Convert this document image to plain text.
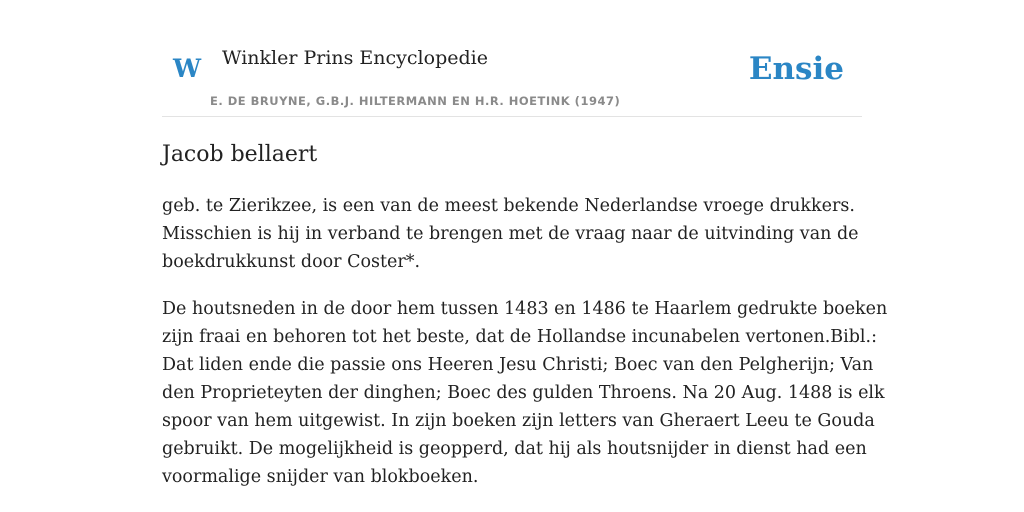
W Winkler Prins Encyclopedie	Ensie
E. DE BRUYNE, G.B.J. HILTERMANN EN H.R. HOETINK (1947)
Jacob bellaert

geb. te Zierikzee, is een van de meest bekende Nederlandse vroege drukkers.
Misschien is hij in verband te brengen met de vraag naar de uitvinding van de
boekdrukkunst door Coster*.

De houtsneden in de door hem tussen 1483 en 1486 te Haarlem gedrukte boeken
zijn fraai en behoren tot het beste, dat de Hollandse incunabelen vertonen.Bibl.:
Dat liden ende die passie ons Heeren Jesu Christi; Boec van den Pelgherijn; Van
den Proprieteyten der dinghen; Boec des gulden Throens. Na 20 Aug. 1488 is elk
spoor van hem uitgewist. In zijn boeken zijn letters van Gheraert Leeu te Gouda
gebruikt. De mogelijkheid is geopperd, dat hij als houtsnijder in dienst had een
voormalige snijder van blokboeken.
